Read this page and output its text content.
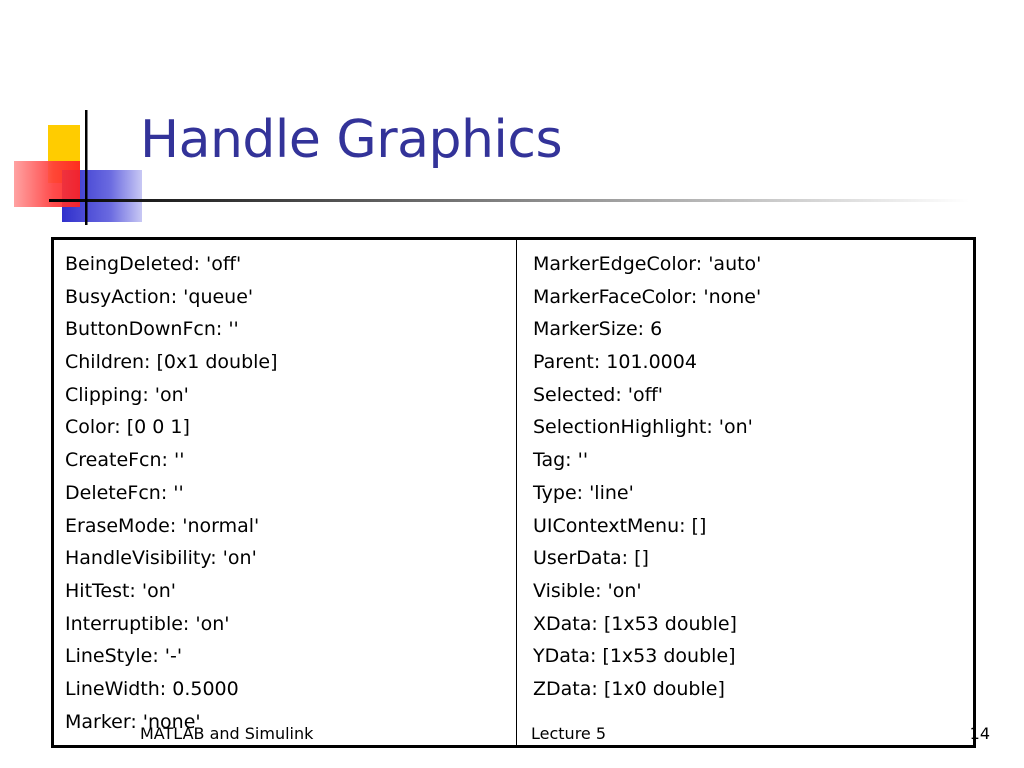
Handle Graphics
BeingDeleted: 'off'
BusyAction: 'queue'
ButtonDownFcn: ''
Children: [0x1 double]
Clipping: 'on'
Color: [0 0 1]
CreateFcn: ''
DeleteFcn: ''
EraseMode: 'normal'
HandleVisibility: 'on'
HitTest: 'on'
Interruptible: 'on'
LineStyle: '-'
LineWidth: 0.5000
Marker: 'none'
MarkerEdgeColor: 'auto'
MarkerFaceColor: 'none'
MarkerSize: 6
Parent: 101.0004
Selected: 'off'
SelectionHighlight: 'on'
Tag: ''
Type: 'line'
UIContextMenu: []
UserData: []
Visible: 'on'
XData: [1x53 double]
YData: [1x53 double]
ZData: [1x0 double]
MATLAB and Simulink	Lecture 5	14
